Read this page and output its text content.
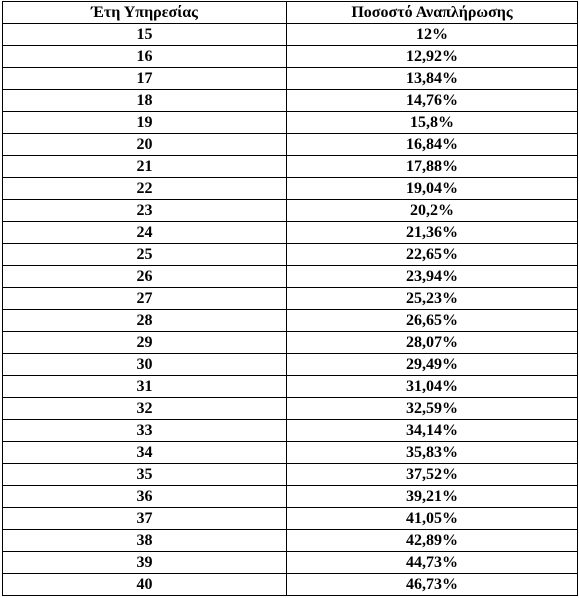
Έτη Υπηρεσίας	Ποσοστό Αναπλήρωσης
15	12%
16	12,92%
17	13,84%
18	14,76%
19	15,8%
20	16,84%
21	17,88%
22	19,04%
23	20,2%
24	21,36%
25	22,65%
26	23,94%
27	25,23%
28	26,65%
29	28,07%
30	29,49%
31	31,04%
32	32,59%
33	34,14%
34	35,83%
35	37,52%
36	39,21%
37	41,05%
38	42,89%
39	44,73%
40	46,73%
